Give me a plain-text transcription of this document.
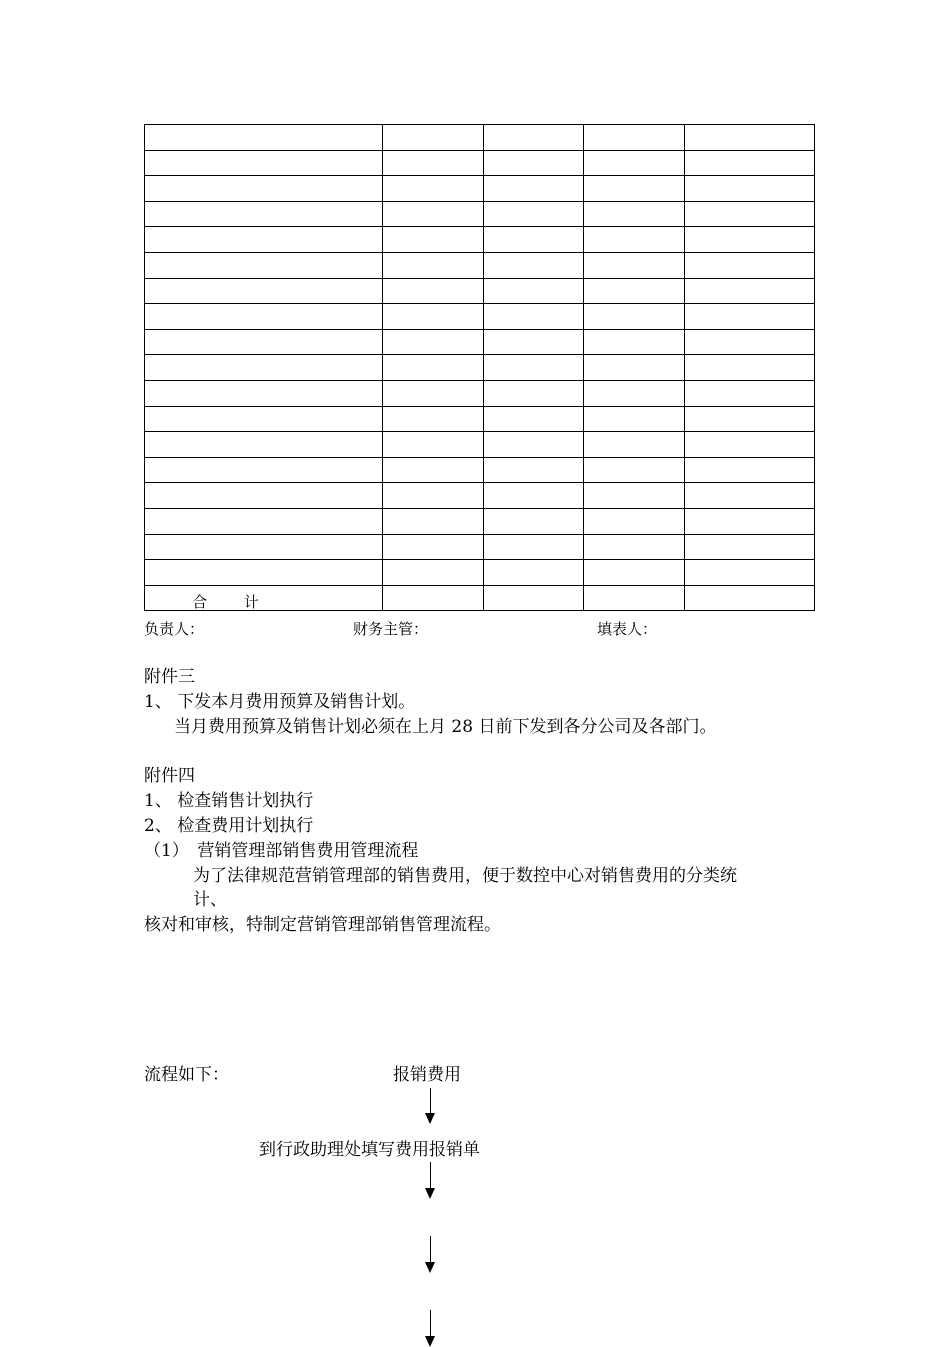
合 计				
负责人：	财务主管：	填表人：
附件三
1、 下发本月费用预算及销售计划。
当月费用预算及销售计划必须在上月 28 日前下发到各分公司及各部门。
附件四
1、 检查销售计划执行
2、 检查费用计划执行
（1）　营销管理部销售费用管理流程
为了法律规范营销管理部的销售费用，便于数控中心对销售费用的分类统
计、
核对和审核，特制定营销管理部销售管理流程。
流程如下：	报销费用
到行政助理处填写费用报销单
